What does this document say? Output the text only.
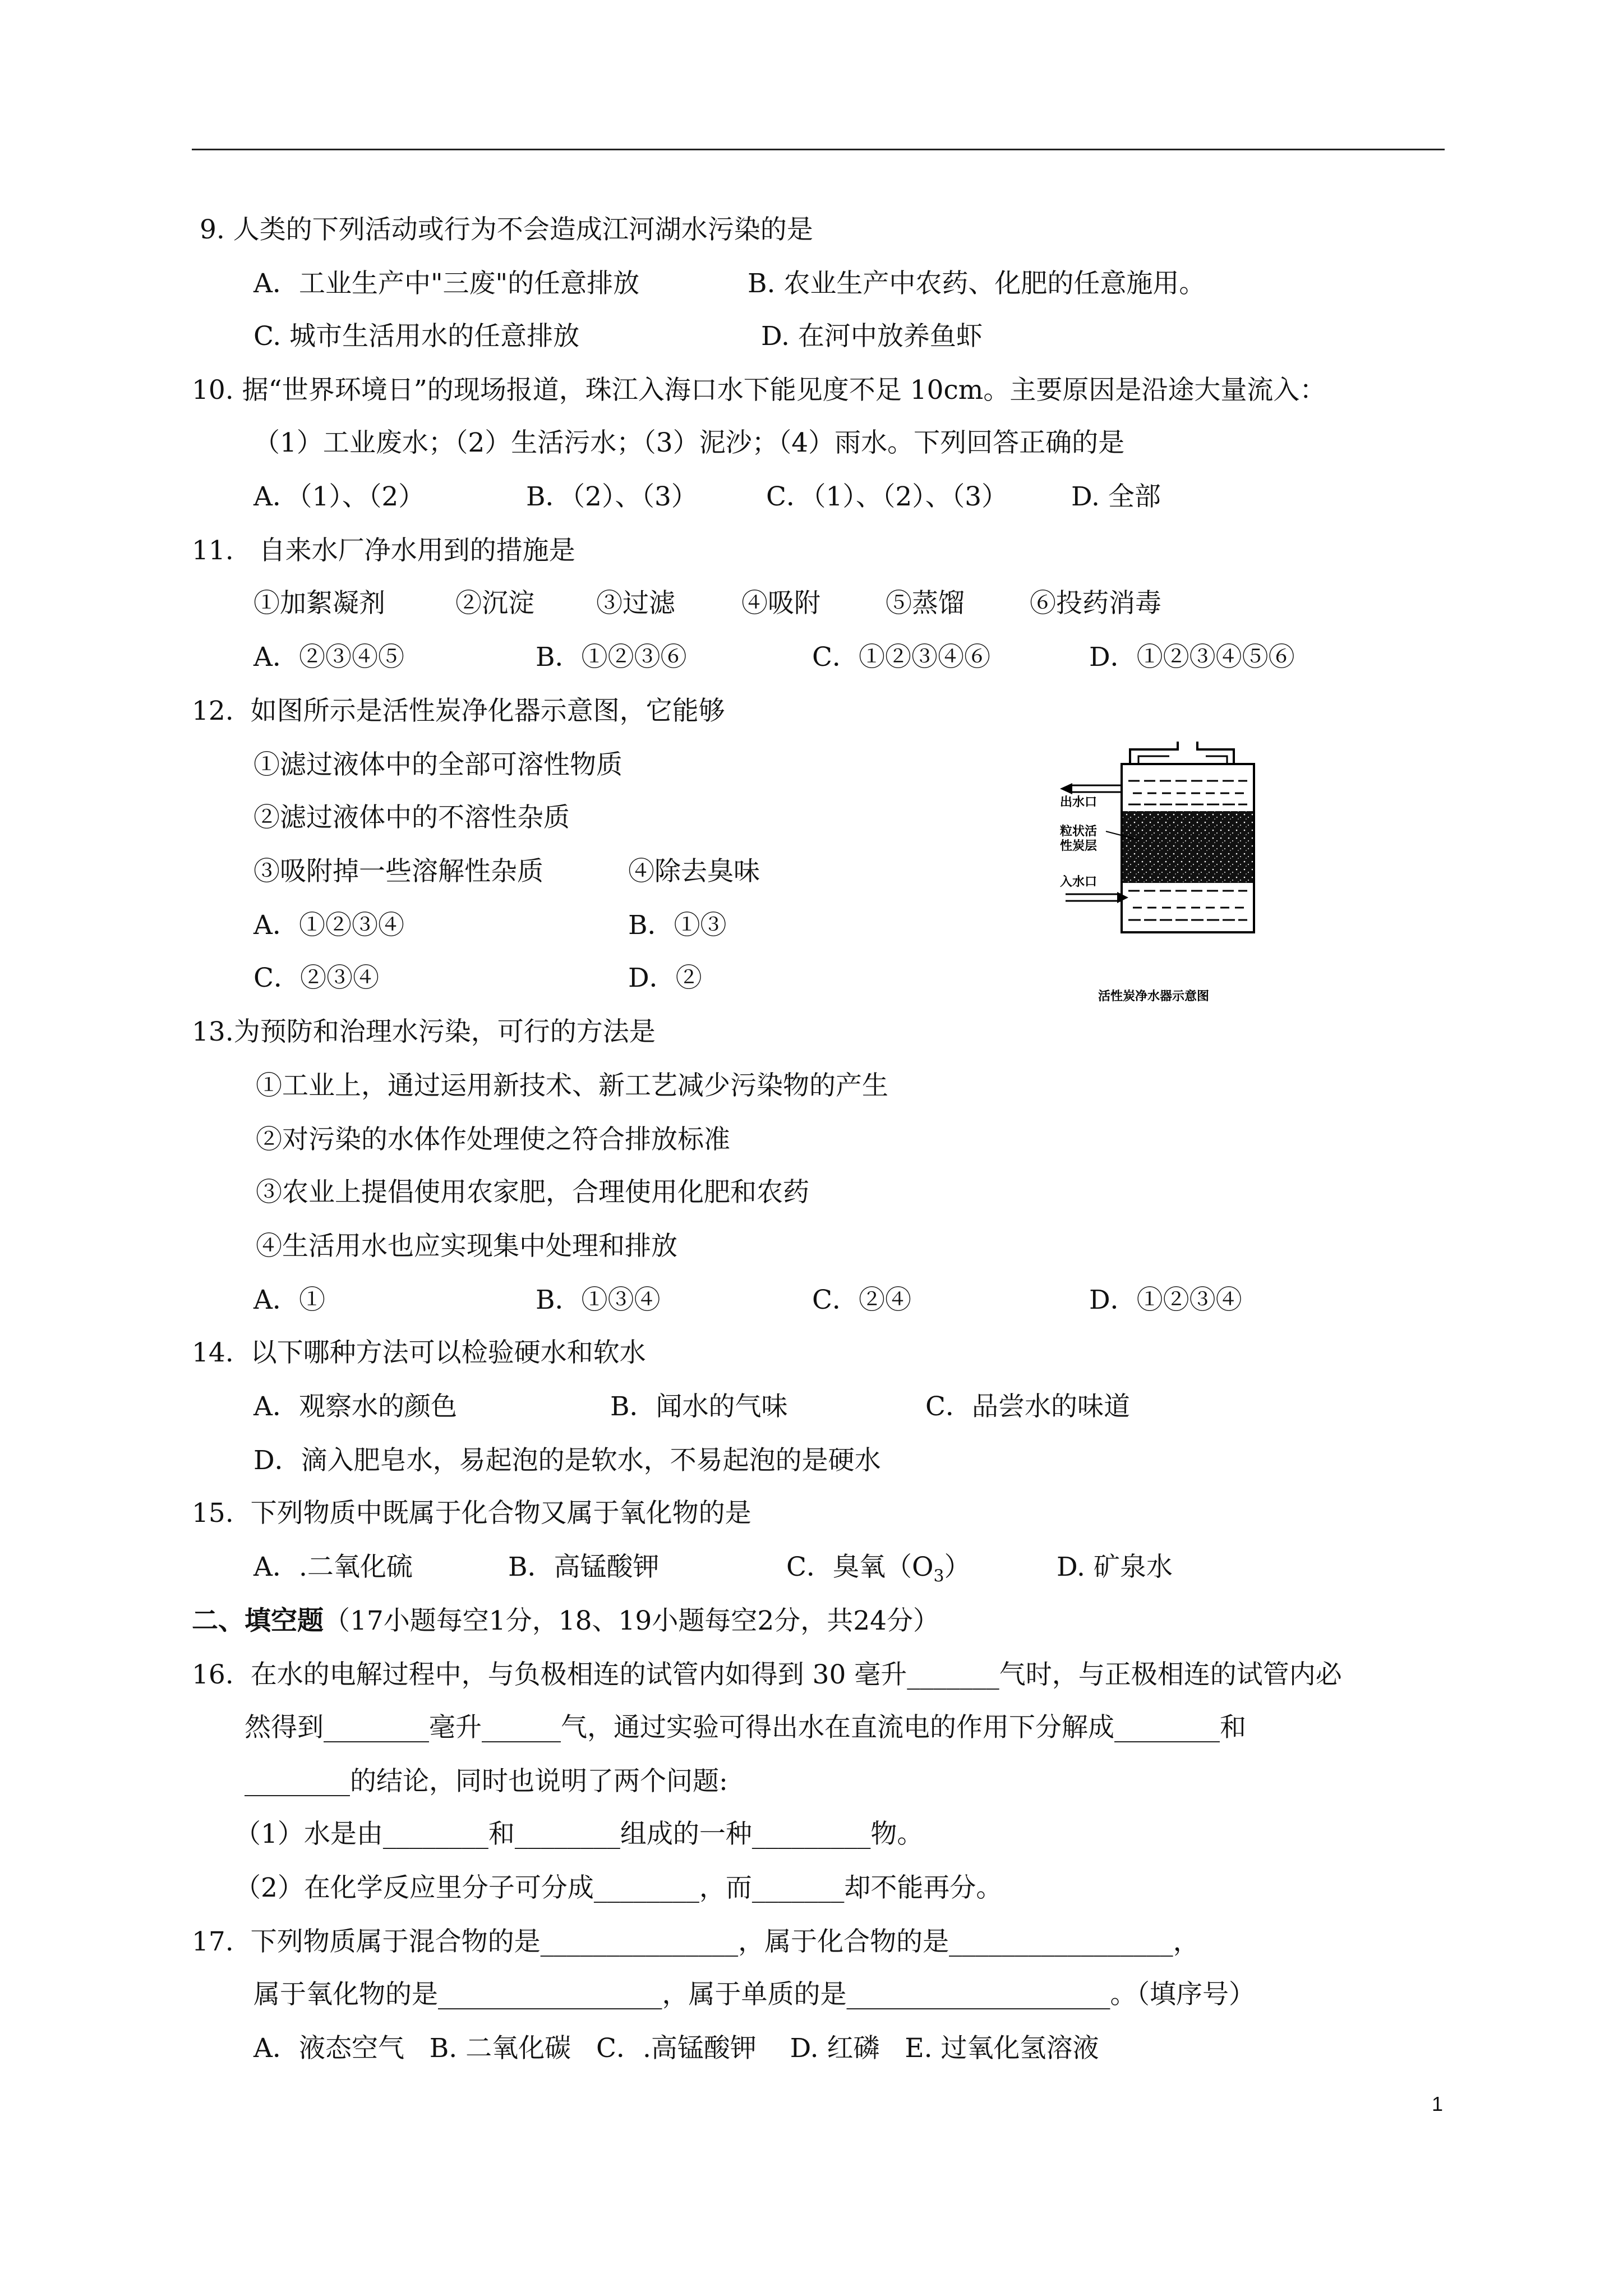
9. 人类的下列活动或行为不会造成江河湖水污染的是
A．工业生产中"三废"的任意排放	B. 农业生产中农药、化肥的任意施用。
C. 城市生活用水的任意排放	D. 在河中放养鱼虾
10. 据“世界环境日”的现场报道，珠江入海口水下能见度不足 10cm。主要原因是沿途大量流入：
（1）工业废水；（2）生活污水；（3）泥沙；（4）雨水。下列回答正确的是
A．（1）、（2）	B．（2）、（3）	C．（1）、（2）、（3） D. 全部
11.   自来水厂净水用到的措施是
①加絮凝剂	②沉淀 ③过滤	④吸附 ⑤蒸馏 ⑥投药消毒
A．②③④⑤	B．①②③⑥	C．①②③④⑥	D．①②③④⑤⑥
12.  如图所示是活性炭净化器示意图，它能够
①滤过液体中的全部可溶性物质
②滤过液体中的不溶性杂质
③吸附掉一些溶解性杂质	④除去臭味
A．①②③④	B．①③
C．②③④	D．②
出水口
粒状活
性炭层
入水口
活性炭净水器示意图
13.为预防和治理水污染，可行的方法是
①工业上，通过运用新技术、新工艺减少污染物的产生
②对污染的水体作处理使之符合排放标准
③农业上提倡使用农家肥，合理使用化肥和农药
④生活用水也应实现集中处理和排放
A．①	B．①③④	C．②④	D．①②③④
14.  以下哪种方法可以检验硬水和软水
A．观察水的颜色	B．闻水的气味	C．品尝水的味道
D．滴入肥皂水，易起泡的是软水，不易起泡的是硬水
15.  下列物质中既属于化合物又属于氧化物的是
A．.二氧化硫	B．高锰酸钾	C．臭氧$(O_3)$	D. 矿泉水
二、填空题（17小题每空1分，18、19小题每空2分，共24分）
16.  在水的电解过程中，与负极相连的试管内如得到 30 毫升_______气时，与正极相连的试管内必
然得到________毫升______气，通过实验可得出水在直流电的作用下分解成________和
________的结论，同时也说明了两个问题:
（1）水是由________和________组成的一种_________物。
（2）在化学反应里分子可分成________，而_______却不能再分。
17.  下列物质属于混合物的是_______________，属于化合物的是_________________，
属于氧化物的是_________________，属于单质的是____________________。（填序号）
A．液态空气   B. 二氧化碳   C．.高锰酸钾    D. 红磷   E. 过氧化氢溶液
1
